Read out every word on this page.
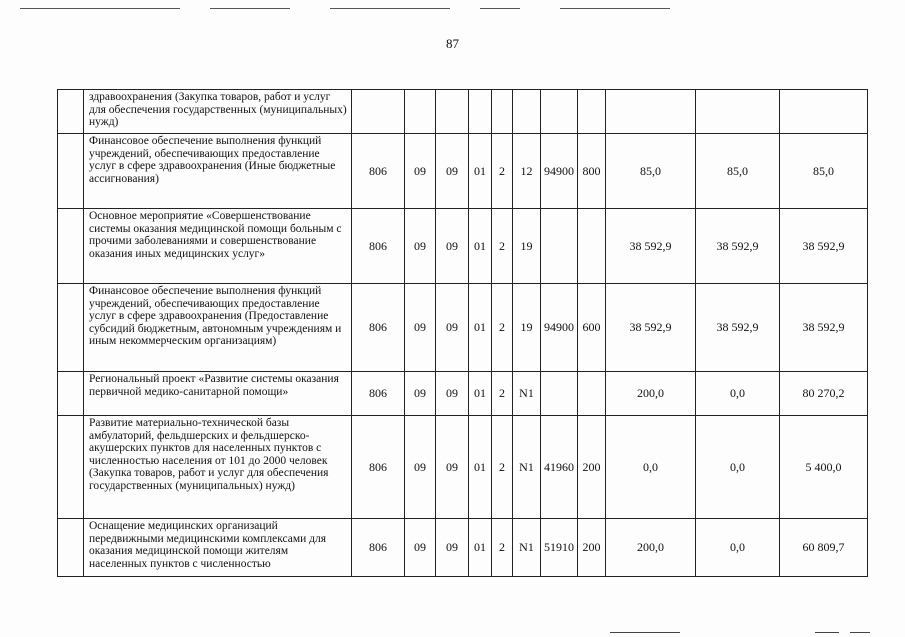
87
	здравоохранения (Закупка товаров, работ и услуг для обеспечения государственных (муниципальных) нужд)											
	Финансовое обеспечение выполнения функций учреждений, обеспечивающих предоставление услуг в сфере здравоохранения (Иные бюджетные ассигнования)	806	09	09	01	2	12	94900	800	85,0	85,0	85,0
	Основное мероприятие «Совершенствование системы оказания медицинской помощи больным с прочими заболеваниями и совершенствование оказания иных медицинских услуг»	806	09	09	01	2	19			38 592,9	38 592,9	38 592,9
	Финансовое обеспечение выполнения функций учреждений, обеспечивающих предоставление услуг в сфере здравоохранения (Предоставление субсидий бюджетным, автономным учреждениям и иным некоммерческим организациям)	806	09	09	01	2	19	94900	600	38 592,9	38 592,9	38 592,9
	Региональный проект «Развитие системы оказания первичной медико-санитарной помощи»	806	09	09	01	2	N1			200,0	0,0	80 270,2
	Развитие материально-технической базы амбулаторий, фельдшерских и фельдшерско-акушерских пунктов для населенных пунктов с численностью населения от 101 до 2000 человек (Закупка товаров, работ и услуг для обеспечения государственных (муниципальных) нужд)	806	09	09	01	2	N1	41960	200	0,0	0,0	5 400,0
	Оснащение медицинских организаций передвижными медицинскими комплексами для оказания медицинской помощи жителям населенных пунктов с численностью	806	09	09	01	2	N1	51910	200	200,0	0,0	60 809,7
